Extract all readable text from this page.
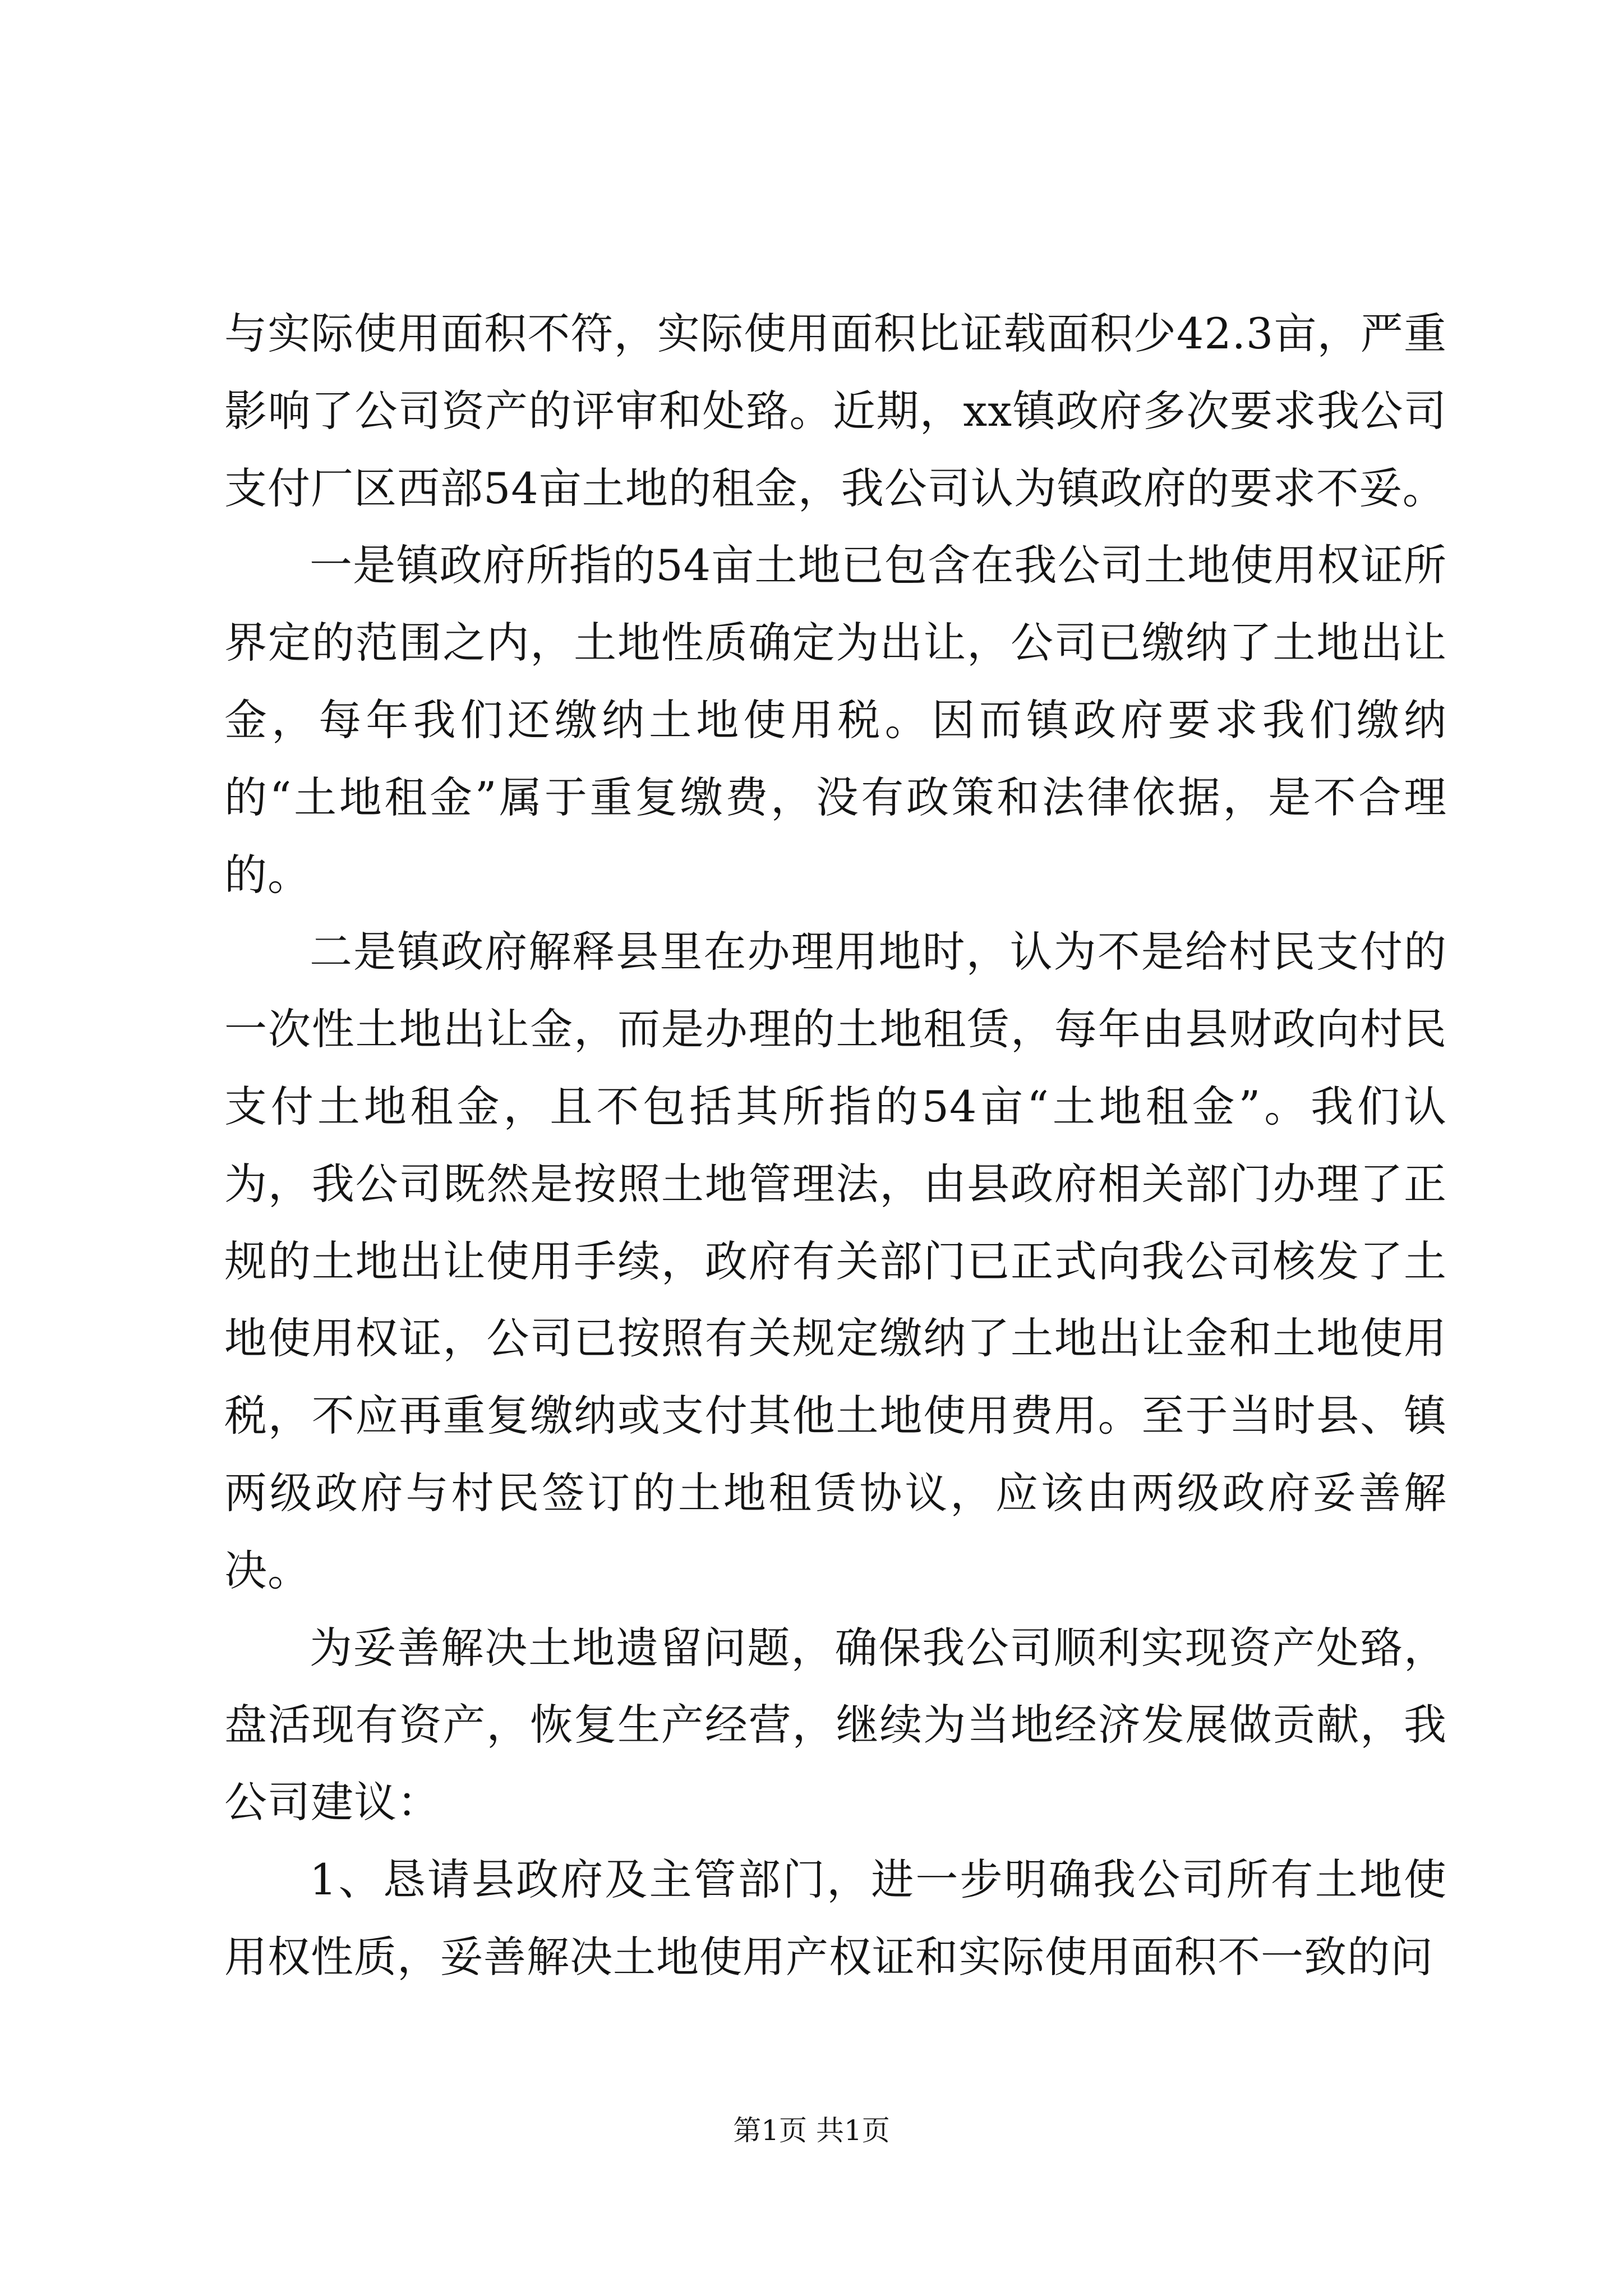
与实际使用面积不符，实际使用面积比证载面积少42.3亩，严重影响了公司资产的评审和处臵。近期，xx镇政府多次要求我公司支付厂区西部54亩土地的租金，我公司认为镇政府的要求不妥。

一是镇政府所指的54亩土地已包含在我公司土地使用权证所界定的范围之内，土地性质确定为出让，公司已缴纳了土地出让金，每年我们还缴纳土地使用税。因而镇政府要求我们缴纳的“土地租金”属于重复缴费，没有政策和法律依据，是不合理的。

二是镇政府解释县里在办理用地时，认为不是给村民支付的一次性土地出让金，而是办理的土地租赁，每年由县财政向村民支付土地租金，且不包括其所指的54亩“土地租金”。我们认为，我公司既然是按照土地管理法，由县政府相关部门办理了正规的土地出让使用手续，政府有关部门已正式向我公司核发了土地使用权证，公司已按照有关规定缴纳了土地出让金和土地使用税，不应再重复缴纳或支付其他土地使用费用。至于当时县、镇两级政府与村民签订的土地租赁协议，应该由两级政府妥善解决。

为妥善解决土地遗留问题，确保我公司顺利实现资产处臵，盘活现有资产，恢复生产经营，继续为当地经济发展做贡献，我公司建议：

1、恳请县政府及主管部门，进一步明确我公司所有土地使用权性质，妥善解决土地使用产权证和实际使用面积不一致的问

第1页 共1页
